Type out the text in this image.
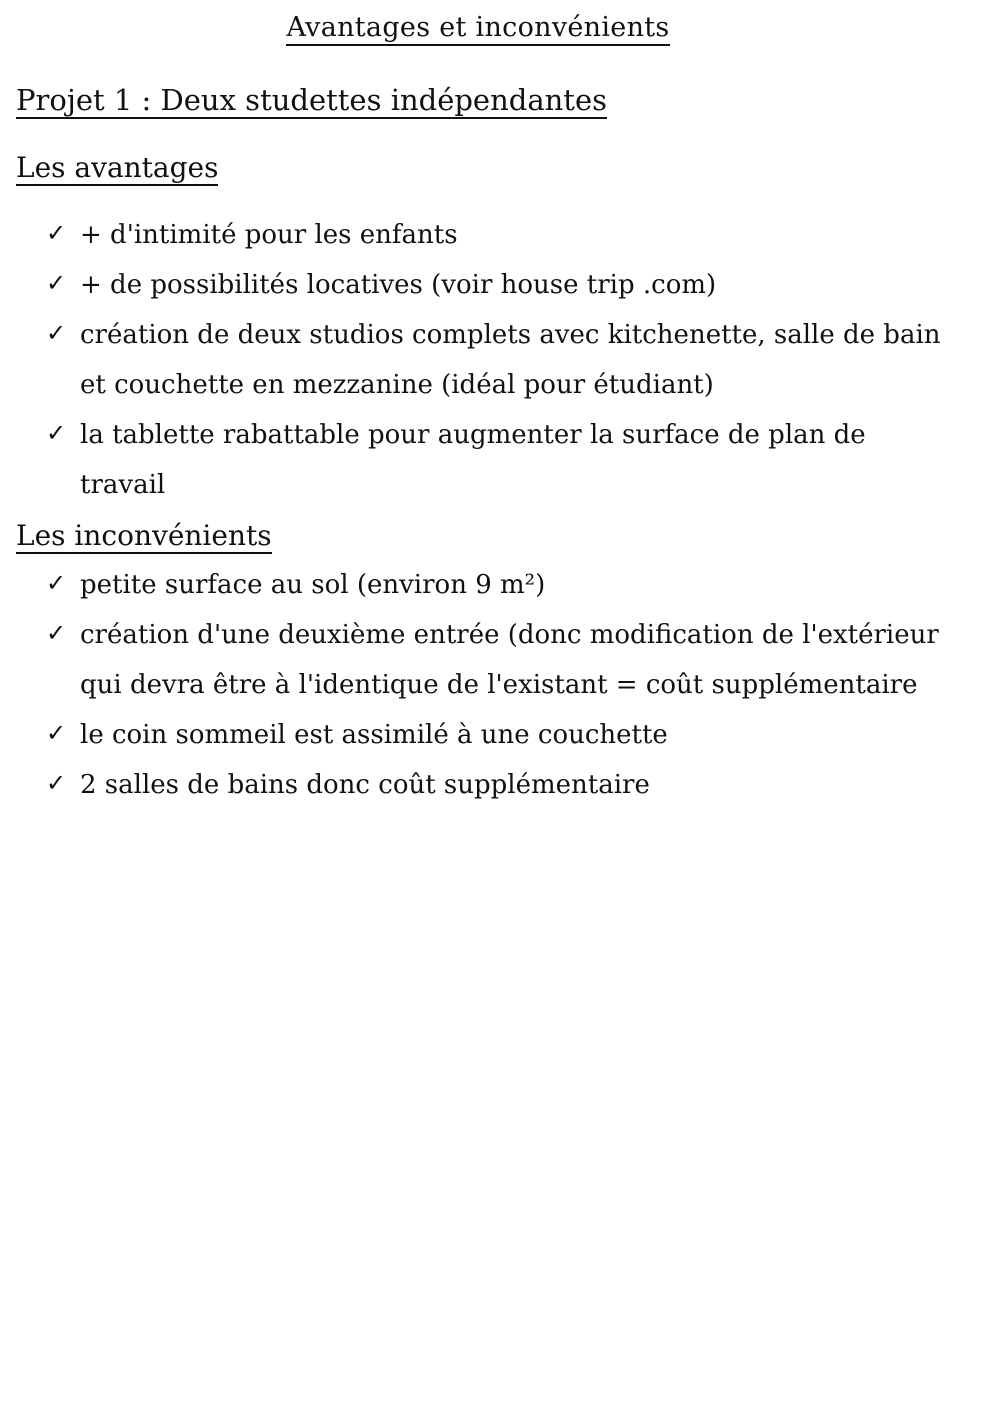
Avantages et inconvénients
Projet 1 : Deux studettes indépendantes
Les avantages
✓ + d'intimité pour les enfants
✓ + de possibilités locatives (voir house trip .com)
✓ création de deux studios complets avec kitchenette, salle de bain et couchette en mezzanine (idéal pour étudiant)
✓ la tablette rabattable pour augmenter la surface de plan de travail
Les inconvénients
✓ petite surface au sol (environ 9 m²)
✓ création d'une deuxième entrée (donc modification de l'extérieur qui devra être à l'identique de l'existant = coût supplémentaire
✓ le coin sommeil est assimilé à une couchette
✓ 2 salles de bains donc coût supplémentaire
